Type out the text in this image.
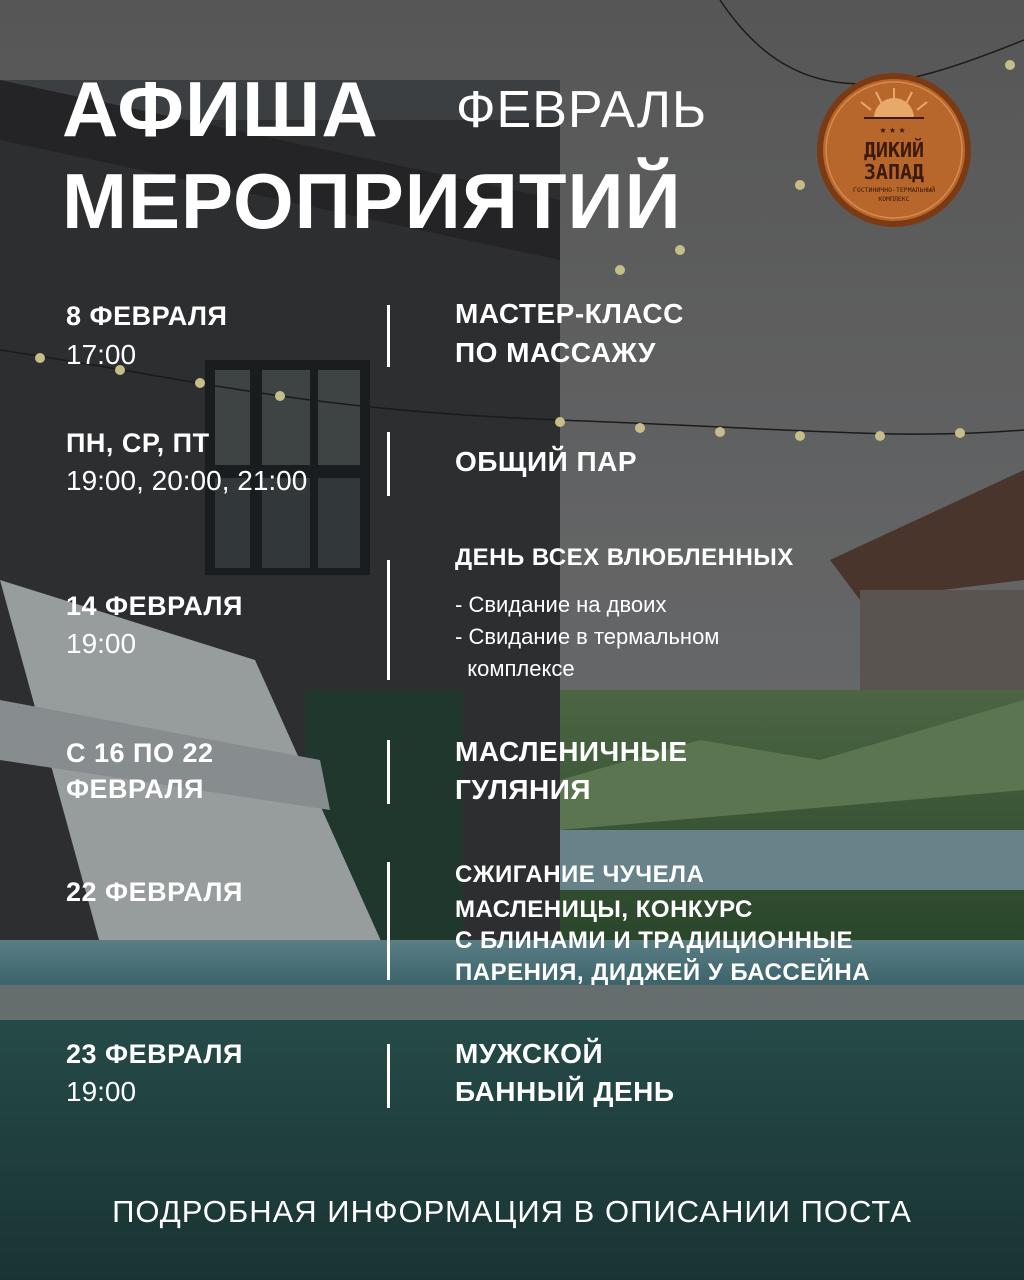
АФИША ФЕВРАЛЬ
МЕРОПРИЯТИЙ
★★★
ДИКИЙ
ЗАПАД
ГОСТИНИЧНО-ТЕРМАЛЬНЫЙ
КОМПЛЕКС
8 ФЕВРАЛЯ
17:00
МАСТЕР-КЛАСС
ПО МАССАЖУ
ПН, СР, ПТ
19:00, 20:00, 21:00
ОБЩИЙ ПАР
14 ФЕВРАЛЯ
19:00
ДЕНЬ ВСЕХ ВЛЮБЛЕННЫХ
- Свидание на двоих
- Свидание в термальном
комплексе
С 16 ПО 22
ФЕВРАЛЯ
МАСЛЕНИЧНЫЕ
ГУЛЯНИЯ
22 ФЕВРАЛЯ
СЖИГАНИЕ ЧУЧЕЛА
МАСЛЕНИЦЫ, КОНКУРС
С БЛИНАМИ И ТРАДИЦИОННЫЕ
ПАРЕНИЯ, ДИДЖЕЙ У БАССЕЙНА
23 ФЕВРАЛЯ
19:00
МУЖСКОЙ
БАННЫЙ ДЕНЬ
ПОДРОБНАЯ ИНФОРМАЦИЯ В ОПИСАНИИ ПОСТА
